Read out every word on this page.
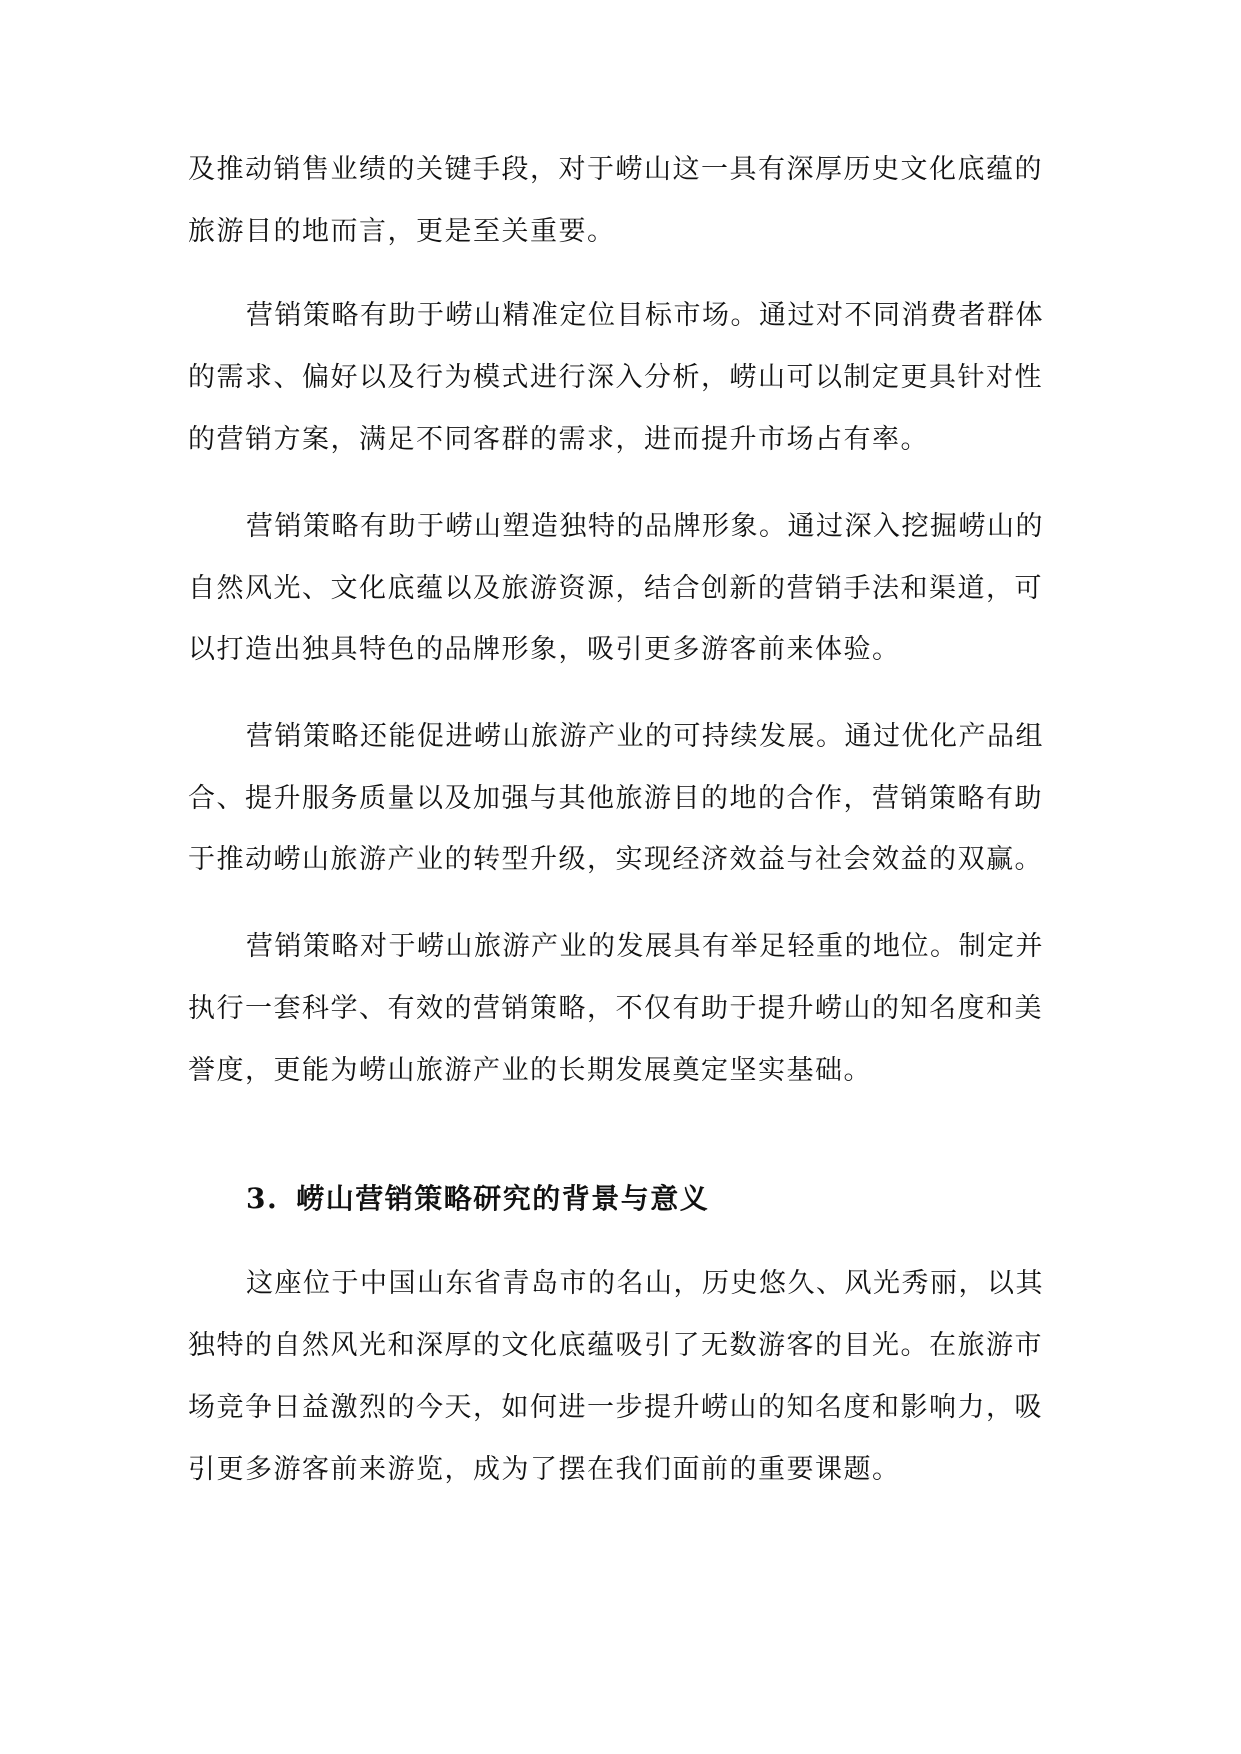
及推动销售业绩的关键手段，对于崂山这一具有深厚历史文化底蕴的
旅游目的地而言，更是至关重要。
营销策略有助于崂山精准定位目标市场。通过对不同消费者群体
的需求、偏好以及行为模式进行深入分析，崂山可以制定更具针对性
的营销方案，满足不同客群的需求，进而提升市场占有率。
营销策略有助于崂山塑造独特的品牌形象。通过深入挖掘崂山的
自然风光、文化底蕴以及旅游资源，结合创新的营销手法和渠道，可
以打造出独具特色的品牌形象，吸引更多游客前来体验。
营销策略还能促进崂山旅游产业的可持续发展。通过优化产品组
合、提升服务质量以及加强与其他旅游目的地的合作，营销策略有助
于推动崂山旅游产业的转型升级，实现经济效益与社会效益的双赢。
营销策略对于崂山旅游产业的发展具有举足轻重的地位。制定并
执行一套科学、有效的营销策略，不仅有助于提升崂山的知名度和美
誉度，更能为崂山旅游产业的长期发展奠定坚实基础。
3. 崂山营销策略研究的背景与意义
这座位于中国山东省青岛市的名山，历史悠久、风光秀丽，以其
独特的自然风光和深厚的文化底蕴吸引了无数游客的目光。在旅游市
场竞争日益激烈的今天，如何进一步提升崂山的知名度和影响力，吸
引更多游客前来游览，成为了摆在我们面前的重要课题。
